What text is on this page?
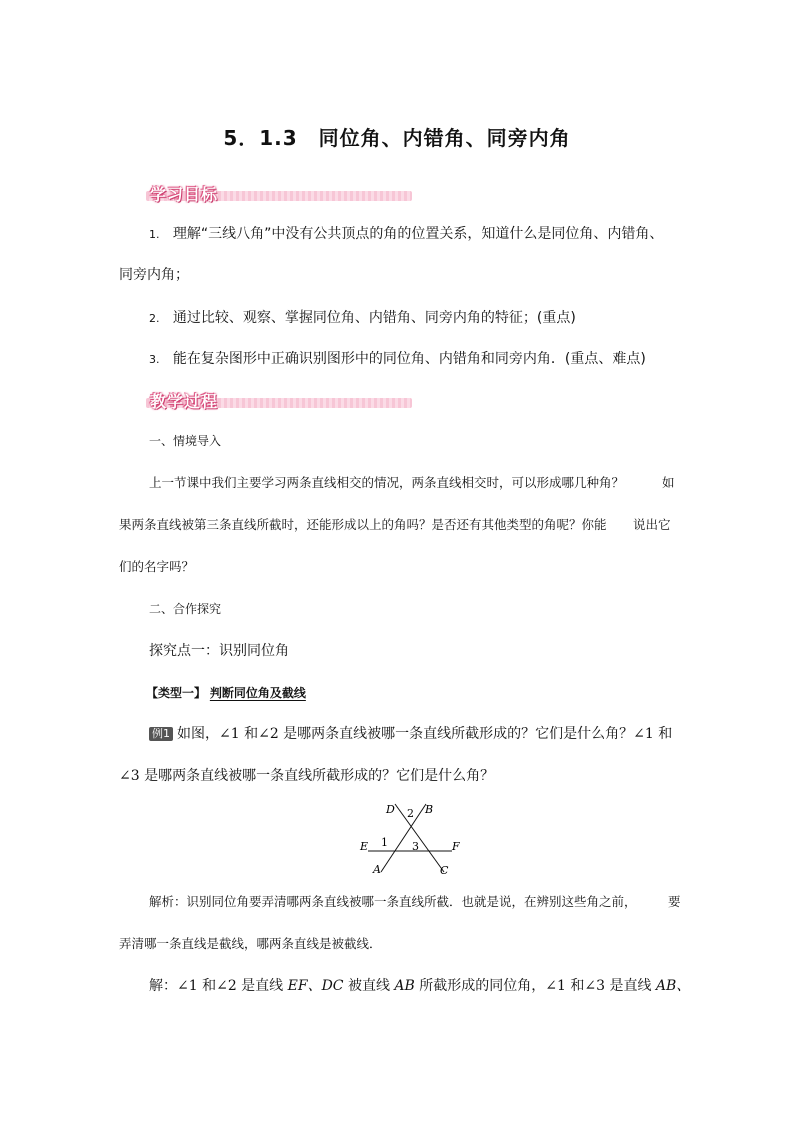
5．1.3　同位角、内错角、同旁内角
学习目标
1. 理解“三线八角”中没有公共顶点的角的位置关系，知道什么是同位角、内错角、
同旁内角；
2. 通过比较、观察、掌握同位角、内错角、同旁内角的特征；(重点)
3. 能在复杂图形中正确识别图形中的同位角、内错角和同旁内角．(重点、难点)
教学过程
一、情境导入
上一节课中我们主要学习两条直线相交的情况，两条直线相交时，可以形成哪几种角？	如
果两条直线被第三条直线所截时，还能形成以上的角吗？是否还有其他类型的角呢？你能 说出它
们的名字吗？
二、合作探究
探究点一：识别同位角
【类型一】 判断同位角及截线
例1 如图，∠1 和∠2 是哪两条直线被哪一条直线所截形成的？它们是什么角？∠1 和
∠3 是哪两条直线被哪一条直线所截形成的？它们是什么角？
D	B
2
E 1 3	F
A	C
解析：识别同位角要弄清哪两条直线被哪一条直线所截．也就是说，在辨别这些角之前，	要
弄清哪一条直线是截线，哪两条直线是被截线．
解：∠1 和∠2 是直线 EF、DC 被直线 AB 所截形成的同位角，∠1 和∠3 是直线 AB、
